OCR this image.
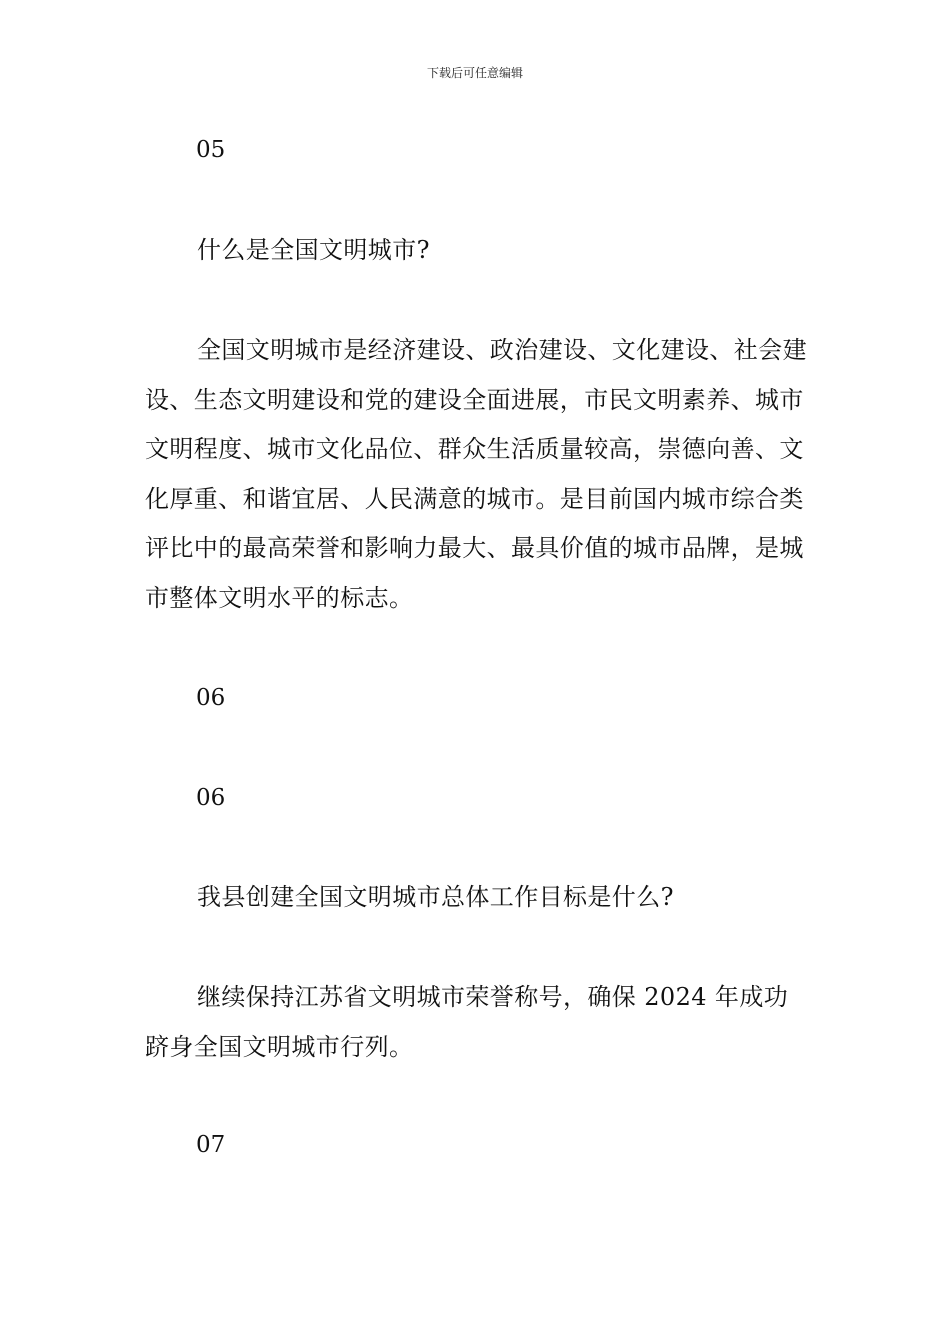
下载后可任意编辑
05
什么是全国文明城市?
全国文明城市是经济建设、政治建设、文化建设、社会建设、生态文明建设和党的建设全面进展，市民文明素养、城市文明程度、城市文化品位、群众生活质量较高，崇德向善、文化厚重、和谐宜居、人民满意的城市。是目前国内城市综合类评比中的最高荣誉和影响力最大、最具价值的城市品牌，是城市整体文明水平的标志。
06
06
我县创建全国文明城市总体工作目标是什么?
继续保持江苏省文明城市荣誉称号，确保 2024 年成功跻身全国文明城市行列。
07
